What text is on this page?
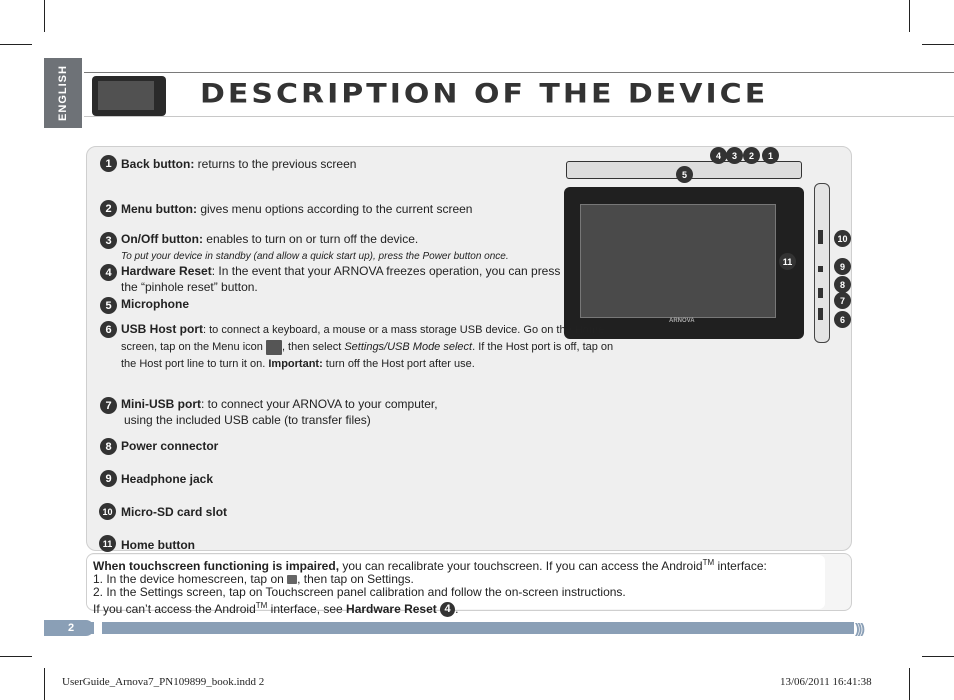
ENGLISH	DESCRIPTION OF THE DEVICE
4	3	2	1
5
ARNOVA
11
10
9
8
7
6
1 Back button: returns to the previous screen
2 Menu button: gives menu options according to the current screen
3 On/Off button: enables to turn on or turn off the device.
To put your device in standby (and allow a quick start up), press the Power button once.
4 Hardware Reset: In the event that your ARNOVA freezes operation, you can press the “pinhole reset” button.
5 Microphone
6 USB Host port: to connect a keyboard, a mouse or a mass storage USB device. Go on the Home screen, tap on the Menu icon , then select Settings/USB Mode select. If the Host port is off, tap on the Host port line to turn it on. Important: turn off the Host port after use.
7 Mini-USB port: to connect your ARNOVA to your computer,
using the included USB cable (to transfer files)
8 Power connector
9 Headphone jack
10 Micro-SD card slot
11 Home button
When touchscreen functioning is impaired, you can recalibrate your touchscreen. If you can access the Android™ interface:
1. In the device homescreen, tap on , then tap on Settings.
2. In the Settings screen, tap on Touchscreen panel calibration and follow the on-screen instructions.
If you can’t access the Android™ interface, see Hardware Reset 4 .
2	)))
UserGuide_Arnova7_PN109899_book.indd 2	13/06/2011 16:41:38
